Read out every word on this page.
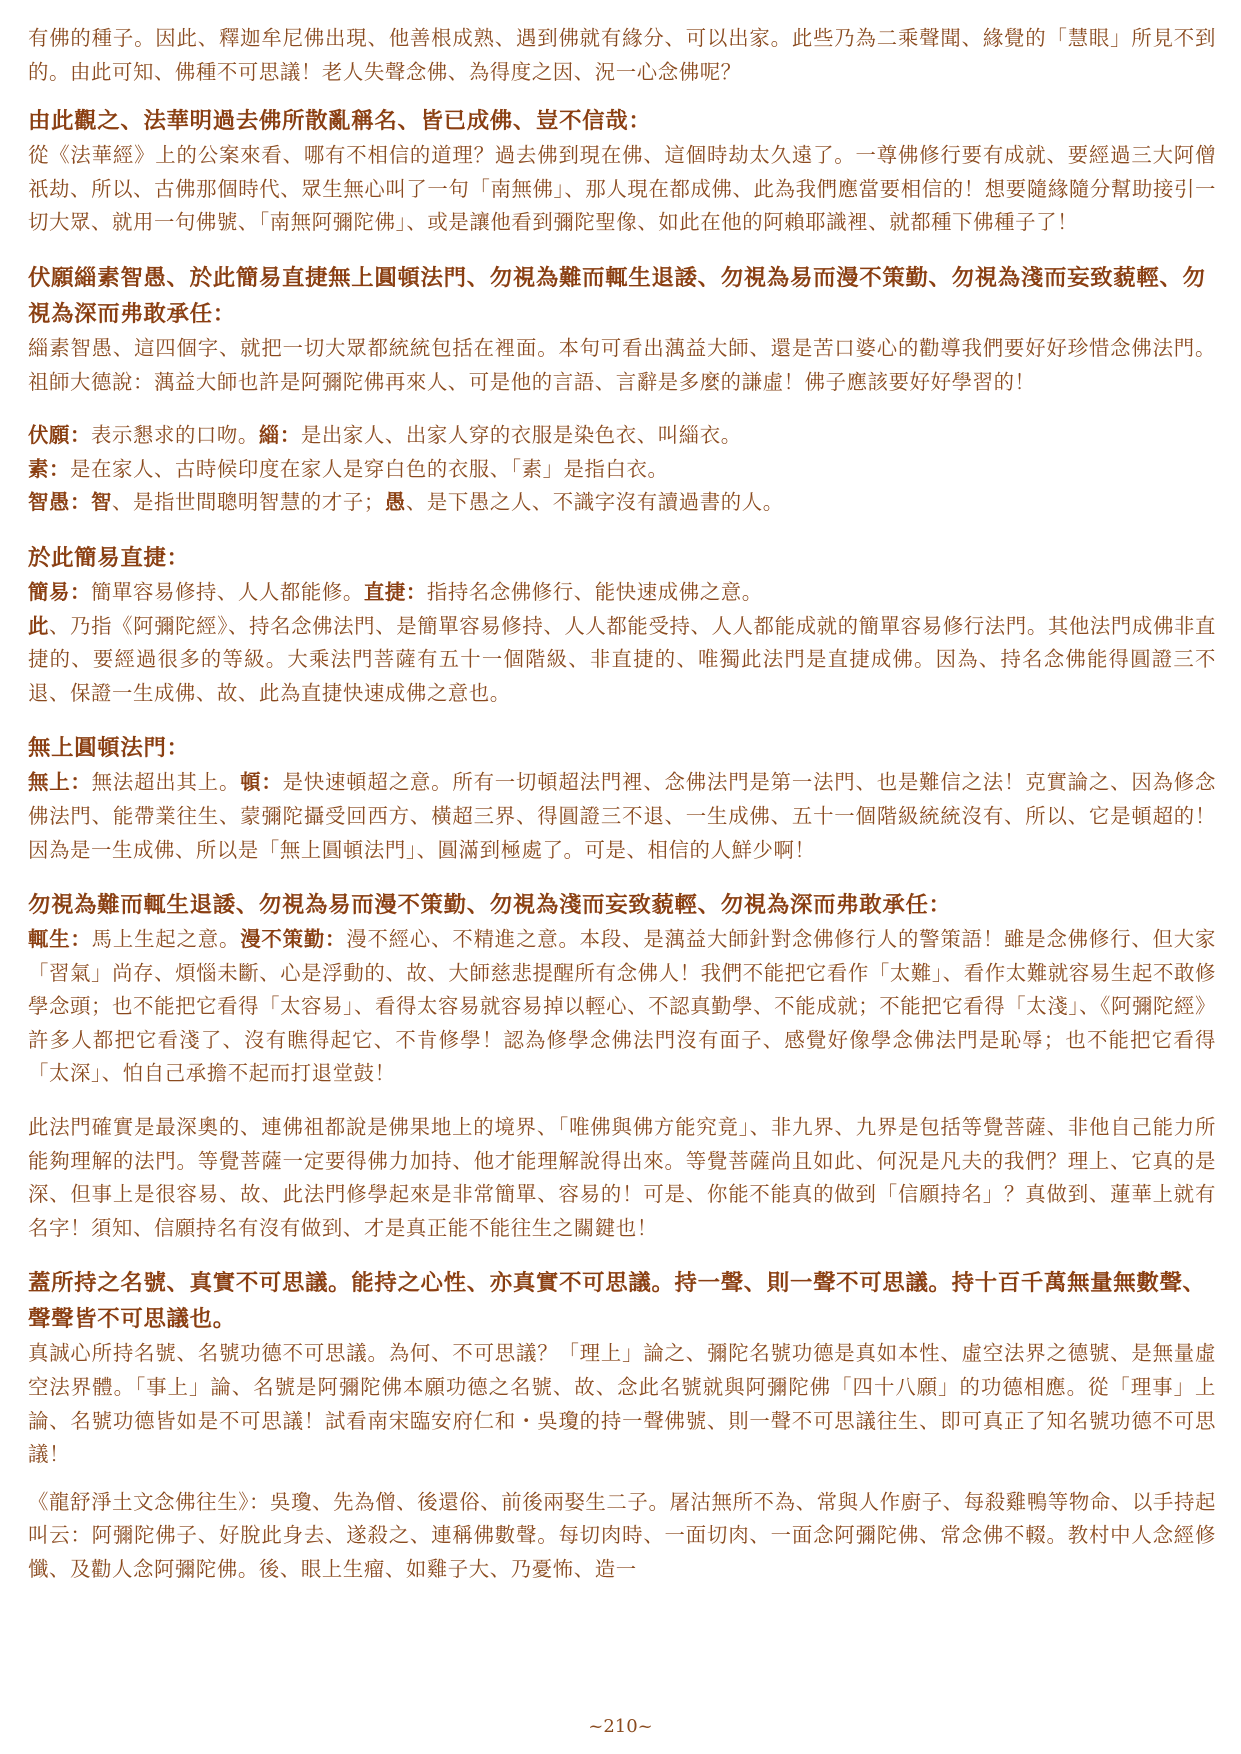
有佛的種子。因此、釋迦牟尼佛出現、他善根成熟、遇到佛就有緣分、可以出家。此些乃為二乘聲聞、緣覺的「慧眼」所見不到的。由此可知、佛種不可思議！老人失聲念佛、為得度之因、況一心念佛呢？

由此觀之、法華明過去佛所散亂稱名、皆已成佛、豈不信哉：

從《法華經》上的公案來看、哪有不相信的道理？過去佛到現在佛、這個時劫太久遠了。一尊佛修行要有成就、要經過三大阿僧祇劫、所以、古佛那個時代、眾生無心叫了一句「南無佛」、那人現在都成佛、此為我們應當要相信的！想要隨緣隨分幫助接引一切大眾、就用一句佛號、「南無阿彌陀佛」、或是讓他看到彌陀聖像、如此在他的阿賴耶識裡、就都種下佛種子了！

伏願緇素智愚、於此簡易直捷無上圓頓法門、勿視為難而輒生退諉、勿視為易而漫不策勤、勿視為淺而妄致藐輕、勿視為深而弗敢承任：

緇素智愚、這四個字、就把一切大眾都統統包括在裡面。本句可看出蕅益大師、還是苦口婆心的勸導我們要好好珍惜念佛法門。祖師大德說：蕅益大師也許是阿彌陀佛再來人、可是他的言語、言辭是多麼的謙虛！佛子應該要好好學習的！

伏願：表示懇求的口吻。緇：是出家人、出家人穿的衣服是染色衣、叫緇衣。

素：是在家人、古時候印度在家人是穿白色的衣服、「素」是指白衣。

智愚：智、是指世間聰明智慧的才子；愚、是下愚之人、不識字沒有讀過書的人。

於此簡易直捷：

簡易：簡單容易修持、人人都能修。直捷：指持名念佛修行、能快速成佛之意。

此、乃指《阿彌陀經》、持名念佛法門、是簡單容易修持、人人都能受持、人人都能成就的簡單容易修行法門。其他法門成佛非直捷的、要經過很多的等級。大乘法門菩薩有五十一個階級、非直捷的、唯獨此法門是直捷成佛。因為、持名念佛能得圓證三不退、保證一生成佛、故、此為直捷快速成佛之意也。

無上圓頓法門：

無上：無法超出其上。頓：是快速頓超之意。所有一切頓超法門裡、念佛法門是第一法門、也是難信之法！克實論之、因為修念佛法門、能帶業往生、蒙彌陀攝受回西方、橫超三界、得圓證三不退、一生成佛、五十一個階級統統沒有、所以、它是頓超的！因為是一生成佛、所以是「無上圓頓法門」、圓滿到極處了。可是、相信的人鮮少啊！

勿視為難而輒生退諉、勿視為易而漫不策勤、勿視為淺而妄致藐輕、勿視為深而弗敢承任：

輒生：馬上生起之意。漫不策勤：漫不經心、不精進之意。本段、是蕅益大師針對念佛修行人的警策語！雖是念佛修行、但大家「習氣」尚存、煩惱未斷、心是浮動的、故、大師慈悲提醒所有念佛人！我們不能把它看作「太難」、看作太難就容易生起不敢修學念頭；也不能把它看得「太容易」、看得太容易就容易掉以輕心、不認真勤學、不能成就；不能把它看得「太淺」、《阿彌陀經》許多人都把它看淺了、沒有瞧得起它、不肯修學！認為修學念佛法門沒有面子、感覺好像學念佛法門是恥辱；也不能把它看得「太深」、怕自己承擔不起而打退堂鼓！

此法門確實是最深奧的、連佛祖都說是佛果地上的境界、「唯佛與佛方能究竟」、非九界、九界是包括等覺菩薩、非他自己能力所能夠理解的法門。等覺菩薩一定要得佛力加持、他才能理解說得出來。等覺菩薩尚且如此、何況是凡夫的我們？理上、它真的是深、但事上是很容易、故、此法門修學起來是非常簡單、容易的！可是、你能不能真的做到「信願持名」？真做到、蓮華上就有名字！須知、信願持名有沒有做到、才是真正能不能往生之關鍵也！

蓋所持之名號、真實不可思議。能持之心性、亦真實不可思議。持一聲、則一聲不可思議。持十百千萬無量無數聲、聲聲皆不可思議也。

真誠心所持名號、名號功德不可思議。為何、不可思議？「理上」論之、彌陀名號功德是真如本性、虛空法界之德號、是無量虛空法界體。「事上」論、名號是阿彌陀佛本願功德之名號、故、念此名號就與阿彌陀佛「四十八願」的功德相應。從「理事」上論、名號功德皆如是不可思議！試看南宋臨安府仁和・吳瓊的持一聲佛號、則一聲不可思議往生、即可真正了知名號功德不可思議！

《龍舒淨土文念佛往生》：吳瓊、先為僧、後還俗、前後兩娶生二子。屠沽無所不為、常與人作廚子、每殺雞鴨等物命、以手持起叫云：阿彌陀佛子、好脫此身去、遂殺之、連稱佛數聲。每切肉時、一面切肉、一面念阿彌陀佛、常念佛不輟。教村中人念經修懺、及勸人念阿彌陀佛。後、眼上生瘤、如雞子大、乃憂怖、造一

~210~
